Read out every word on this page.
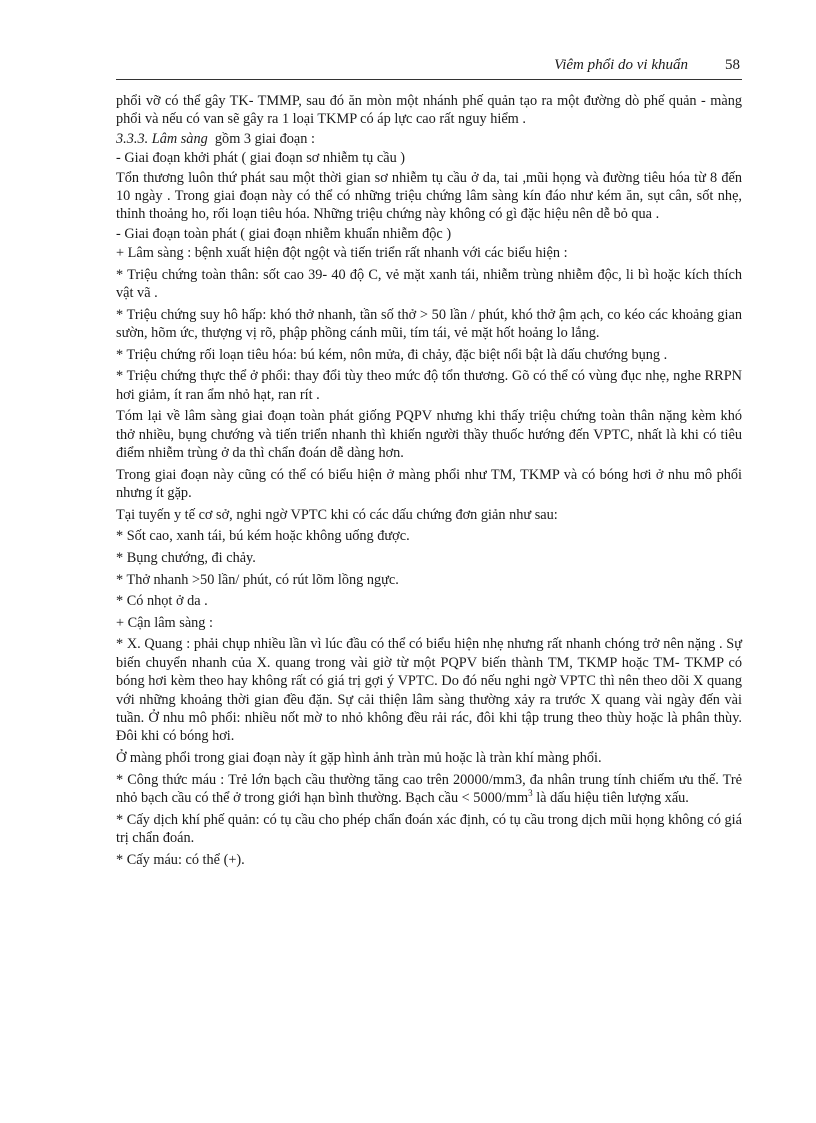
Viêm phổi do vi khuẩn 58

phổi vỡ có thể gây TK- TMMP, sau đó ăn mòn một nhánh phế quản tạo ra một đường dò phế quản - màng phổi và nếu có van sẽ gây ra 1 loại TKMP có áp lực cao rất nguy hiểm .

3.3.3. Lâm sàng gồm 3 giai đoạn :

- Giai đoạn khởi phát ( giai đoạn sơ nhiễm tụ cầu )

Tổn thương luôn thứ phát sau một thời gian sơ nhiễm tụ cầu ở da, tai ,mũi họng và đường tiêu hóa từ 8 đến 10 ngày . Trong giai đoạn này có thể có những triệu chứng lâm sàng kín đáo như kém ăn, sụt cân, sốt nhẹ, thỉnh thoảng ho, rối loạn tiêu hóa. Những triệu chứng này không có gì đặc hiệu nên dễ bỏ qua .

- Giai đoạn toàn phát ( giai đoạn nhiễm khuẩn nhiễm độc )

+ Lâm sàng : bệnh xuất hiện đột ngột và tiến triển rất nhanh với các biểu hiện :

* Triệu chứng toàn thân: sốt cao 39- 40 độ C, vẻ mặt xanh tái, nhiễm trùng nhiễm độc, li bì hoặc kích thích vật vã .

* Triệu chứng suy hô hấp: khó thở nhanh, tần số thở > 50 lần / phút, khó thở ậm ạch, co kéo các khoảng gian sườn, hõm ức, thượng vị rõ, phập phồng cánh mũi, tím tái, vẻ mặt hốt hoảng lo lắng.

* Triệu chứng rối loạn tiêu hóa: bú kém, nôn mửa, đi chảy, đặc biệt nổi bật là dấu chướng bụng .

* Triệu chứng thực thể ở phổi: thay đổi tùy theo mức độ tổn thương. Gõ có thể có vùng đục nhẹ, nghe RRPN hơi giảm, ít ran ẩm nhỏ hạt, ran rít .

Tóm lại về lâm sàng giai đoạn toàn phát giống PQPV nhưng khi thấy triệu chứng toàn thân nặng kèm khó thở nhiều, bụng chướng và tiến triển nhanh thì khiến người thầy thuốc hướng đến VPTC, nhất là khi có tiêu điểm nhiễm trùng ở da thì chẩn đoán dễ dàng hơn.

Trong giai đoạn này cũng có thể có biểu hiện ở màng phổi như TM, TKMP và có bóng hơi ở nhu mô phổi nhưng ít gặp.

Tại tuyến y tế cơ sở, nghi ngờ VPTC khi có các dấu chứng đơn giản như sau:

* Sốt cao, xanh tái, bú kém hoặc không uống được.

* Bụng chướng, đi chảy.

* Thở nhanh >50 lần/ phút, có rút lõm lồng ngực.

* Có nhọt ở da .

+ Cận lâm sàng :

* X. Quang : phải chụp nhiều lần vì lúc đầu có thể có biểu hiện nhẹ nhưng rất nhanh chóng trở nên nặng . Sự biến chuyển nhanh của X. quang trong vài giờ từ một PQPV biến thành TM, TKMP hoặc TM- TKMP có bóng hơi kèm theo hay không rất có giá trị gợi ý VPTC. Do đó nếu nghi ngờ VPTC thì nên theo dõi X quang với những khoảng thời gian đều đặn. Sự cải thiện lâm sàng thường xảy ra trước X quang vài ngày đến vài tuần. Ở nhu mô phổi: nhiều nốt mờ to nhỏ không đều rải rác, đôi khi tập trung theo thùy hoặc là phân thùy. Đôi khi có bóng hơi.

Ở màng phổi trong giai đoạn này ít gặp hình ảnh tràn mủ hoặc là tràn khí màng phổi.

* Công thức máu : Trẻ lớn bạch cầu thường tăng cao trên 20000/mm3, đa nhân trung tính chiếm ưu thế. Trẻ nhỏ bạch cầu có thể ở trong giới hạn bình thường. Bạch cầu < $5000/mm^3$ là dấu hiệu tiên lượng xấu.

* Cấy dịch khí phế quản: có tụ cầu cho phép chẩn đoán xác định, có tụ cầu trong dịch mũi họng không có giá trị chẩn đoán.

* Cấy máu: có thể (+).
